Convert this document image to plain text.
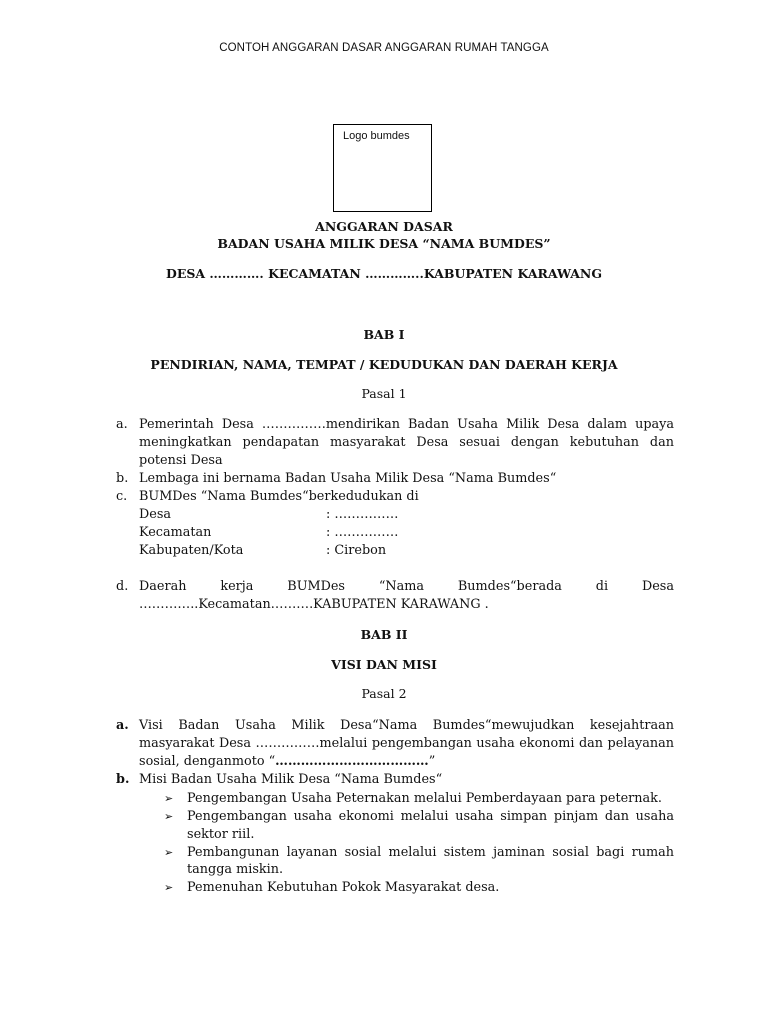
CONTOH ANGGARAN DASAR ANGGARAN RUMAH TANGGA
Logo bumdes
ANGGARAN DASAR
BADAN USAHA MILIK DESA “NAMA BUMDES”
DESA …………. KECAMATAN …………..KABUPATEN KARAWANG
BAB I
PENDIRIAN, NAMA, TEMPAT / KEDUDUKAN DAN DAERAH KERJA
Pasal 1
a. Pemerintah Desa ……………mendirikan Badan Usaha Milik Desa dalam upaya meningkatkan pendapatan masyarakat Desa sesuai dengan kebutuhan dan potensi Desa
b. Lembaga ini bernama Badan Usaha Milik Desa “Nama Bumdes“
c. BUMDes “Nama Bumdes“berkedudukan di
Desa	: ……………
Kecamatan	: ……………
Kabupaten/Kota	: Cirebon
d. Daerah kerja BUMDes “Nama Bumdes“berada di Desa
…………..Kecamatan……….KABUPATEN KARAWANG .
BAB II
VISI DAN MISI
Pasal 2
a. Visi Badan Usaha Milik Desa“Nama Bumdes“mewujudkan kesejahtraan masyarakat Desa ……………melalui pengembangan usaha ekonomi dan pelayanan sosial, denganmoto “………………………………”
b. Misi Badan Usaha Milik Desa “Nama Bumdes“
➢ Pengembangan Usaha Peternakan melalui Pemberdayaan para peternak.
➢ Pengembangan usaha ekonomi melalui usaha simpan pinjam dan usaha sektor riil.
➢ Pembangunan layanan sosial melalui sistem jaminan sosial bagi rumah tangga miskin.
➢ Pemenuhan Kebutuhan Pokok Masyarakat desa.
